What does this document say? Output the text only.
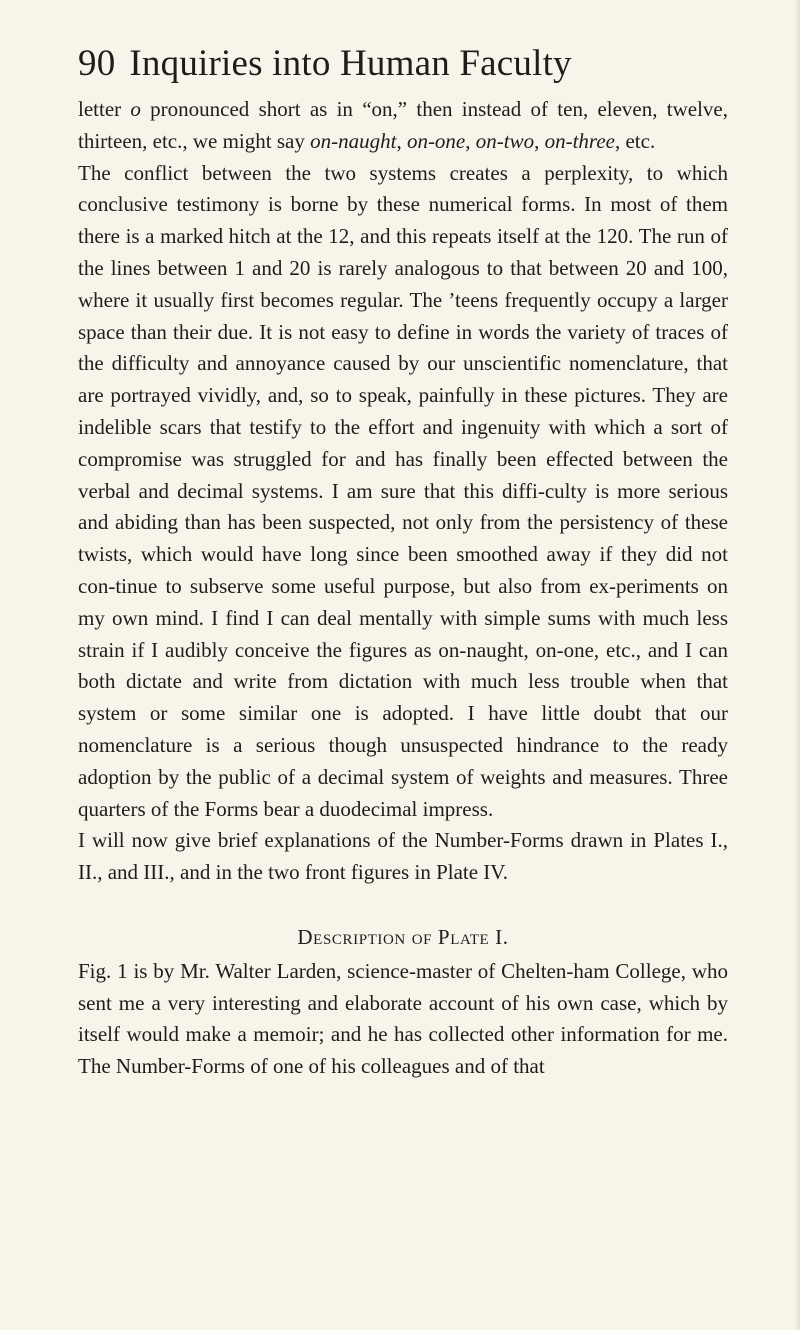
90 Inquiries into Human Faculty

letter o pronounced short as in “on,” then instead of ten, eleven, twelve, thirteen, etc., we might say on-naught, on-one, on-two, on-three, etc.

The conflict between the two systems creates a perplexity, to which conclusive testimony is borne by these numerical forms. In most of them there is a marked hitch at the 12, and this repeats itself at the 120. The run of the lines between 1 and 20 is rarely analogous to that between 20 and 100, where it usually first becomes regular. The ’teens frequently occupy a larger space than their due. It is not easy to define in words the variety of traces of the difficulty and annoyance caused by our unscientific nomenclature, that are portrayed vividly, and, so to speak, painfully in these pictures. They are indelible scars that testify to the effort and ingenuity with which a sort of compromise was struggled for and has finally been effected between the verbal and decimal systems. I am sure that this diffi-culty is more serious and abiding than has been suspected, not only from the persistency of these twists, which would have long since been smoothed away if they did not con-tinue to subserve some useful purpose, but also from ex-periments on my own mind. I find I can deal mentally with simple sums with much less strain if I audibly conceive the figures as on-naught, on-one, etc., and I can both dictate and write from dictation with much less trouble when that system or some similar one is adopted. I have little doubt that our nomenclature is a serious though unsuspected hindrance to the ready adoption by the public of a decimal system of weights and measures. Three quarters of the Forms bear a duodecimal impress.

I will now give brief explanations of the Number-Forms drawn in Plates I., II., and III., and in the two front figures in Plate IV.

Description of Plate I.

Fig. 1 is by Mr. Walter Larden, science-master of Chelten-ham College, who sent me a very interesting and elaborate account of his own case, which by itself would make a memoir; and he has collected other information for me. The Number-Forms of one of his colleagues and of that
